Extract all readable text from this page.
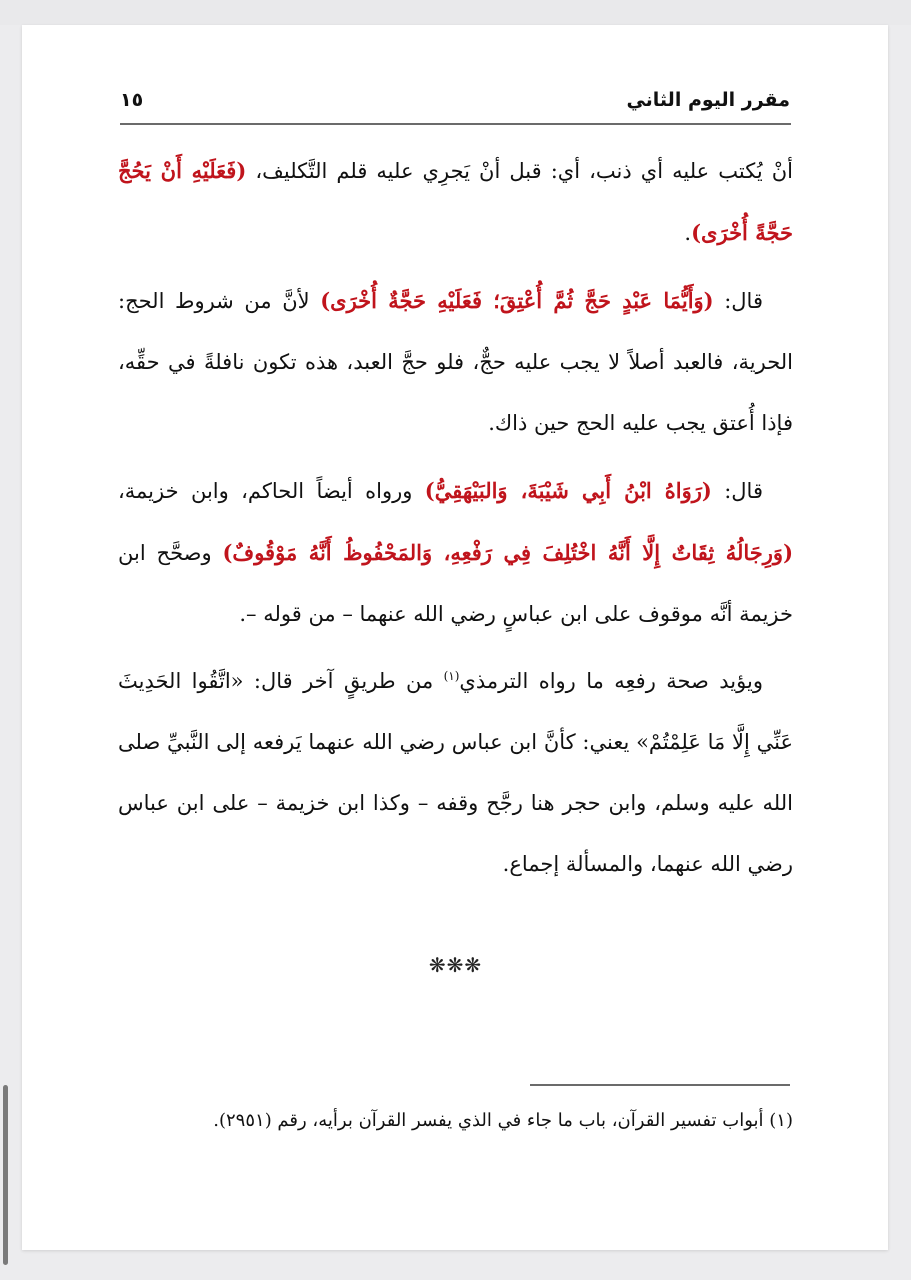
مقرر اليوم الثاني
١٥

أنْ يُكتب عليه أي ذنب، أي: قبل أنْ يَجرِي عليه قلم التَّكليف، (فَعَلَيْهِ أَنْ يَحُجَّ حَجَّةً أُخْرَى).

قال: (وَأَيُّمَا عَبْدٍ حَجَّ ثُمَّ أُعْتِقَ؛ فَعَلَيْهِ حَجَّةٌ أُخْرَى) لأنَّ من شروط الحج: الحرية، فالعبد أصلاً لا يجب عليه حجٌّ، فلو حجَّ العبد، هذه تكون نافلةً في حقِّه، فإذا أُعتق يجب عليه الحج حين ذاك.

قال: (رَوَاهُ ابْنُ أَبِي شَيْبَةَ، وَالبَيْهَقِيُّ) ورواه أيضاً الحاكم، وابن خزيمة، (وَرِجَالُهُ ثِقَاتٌ إِلَّا أَنَّهُ اخْتُلِفَ فِي رَفْعِهِ، وَالمَحْفُوظُ أَنَّهُ مَوْقُوفٌ) وصحَّح ابن خزيمة أنَّه موقوف على ابن عباسٍ رضي الله عنهما – من قوله –.

ويؤيد صحة رفعِه ما رواه الترمذي$^{(١)}$ من طريقٍ آخر قال: «اتَّقُوا الحَدِيثَ عَنِّي إِلَّا مَا عَلِمْتُمْ» يعني: كأنَّ ابن عباس رضي الله عنهما يَرفعه إلى النَّبيِّ صلى الله عليه وسلم، وابن حجر هنا رجَّح وقفه – وكذا ابن خزيمة – على ابن عباس رضي الله عنهما، والمسألة إجماع.

❋❋❋
(١) أبواب تفسير القرآن، باب ما جاء في الذي يفسر القرآن برأيه، رقم (٢٩٥١).
